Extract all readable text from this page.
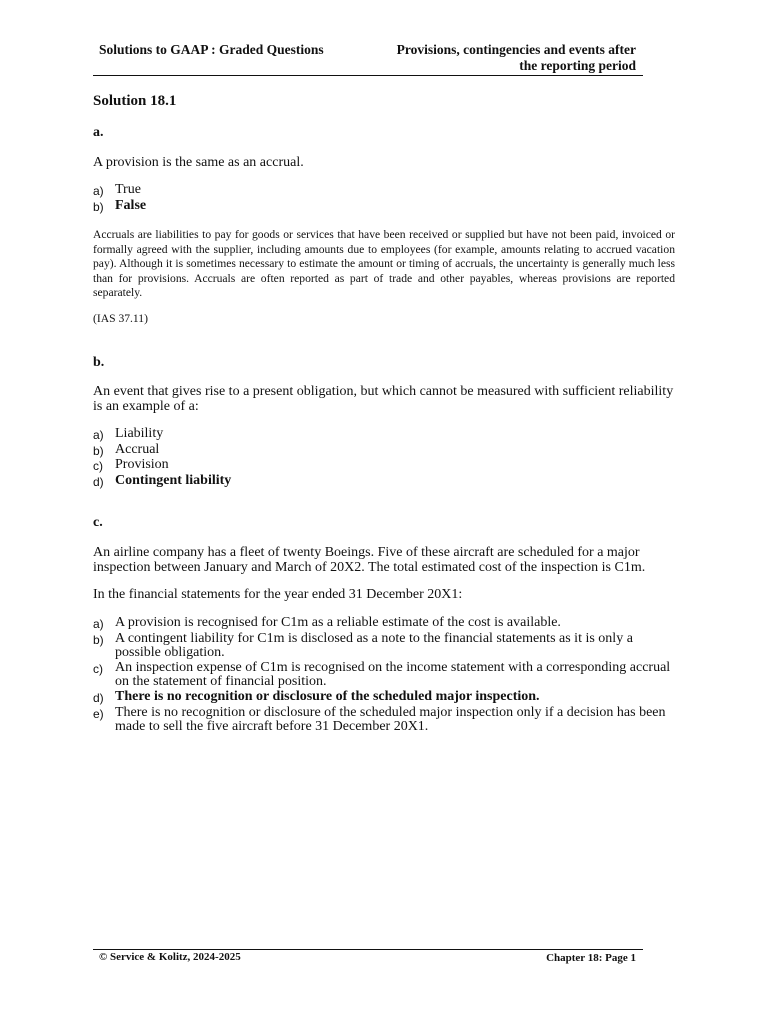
Solutions to GAAP : Graded Questions	Provisions, contingencies and events after
the reporting period
Solution 18.1
a.
A provision is the same as an accrual.
a) True
b) False
Accruals are liabilities to pay for goods or services that have been received or supplied but have not been paid, invoiced or formally agreed with the supplier, including amounts due to employees (for example, amounts relating to accrued vacation pay). Although it is sometimes necessary to estimate the amount or timing of accruals, the uncertainty is generally much less than for provisions. Accruals are often reported as part of trade and other payables, whereas provisions are reported separately.
(IAS 37.11)
b.
An event that gives rise to a present obligation, but which cannot be measured with sufficient reliability
is an example of a:
a) Liability
b) Accrual
c) Provision
d) Contingent liability
c.
An airline company has a fleet of twenty Boeings. Five of these aircraft are scheduled for a major
inspection between January and March of 20X2. The total estimated cost of the inspection is C1m.
In the financial statements for the year ended 31 December 20X1:
a) A provision is recognised for C1m as a reliable estimate of the cost is available.
b) A contingent liability for C1m is disclosed as a note to the financial statements as it is only a possible obligation.
c) An inspection expense of C1m is recognised on the income statement with a corresponding accrual on the statement of financial position.
d) There is no recognition or disclosure of the scheduled major inspection.
e) There is no recognition or disclosure of the scheduled major inspection only if a decision has been made to sell the five aircraft before 31 December 20X1.
© Service & Kolitz, 2024-2025	Chapter 18: Page 1
